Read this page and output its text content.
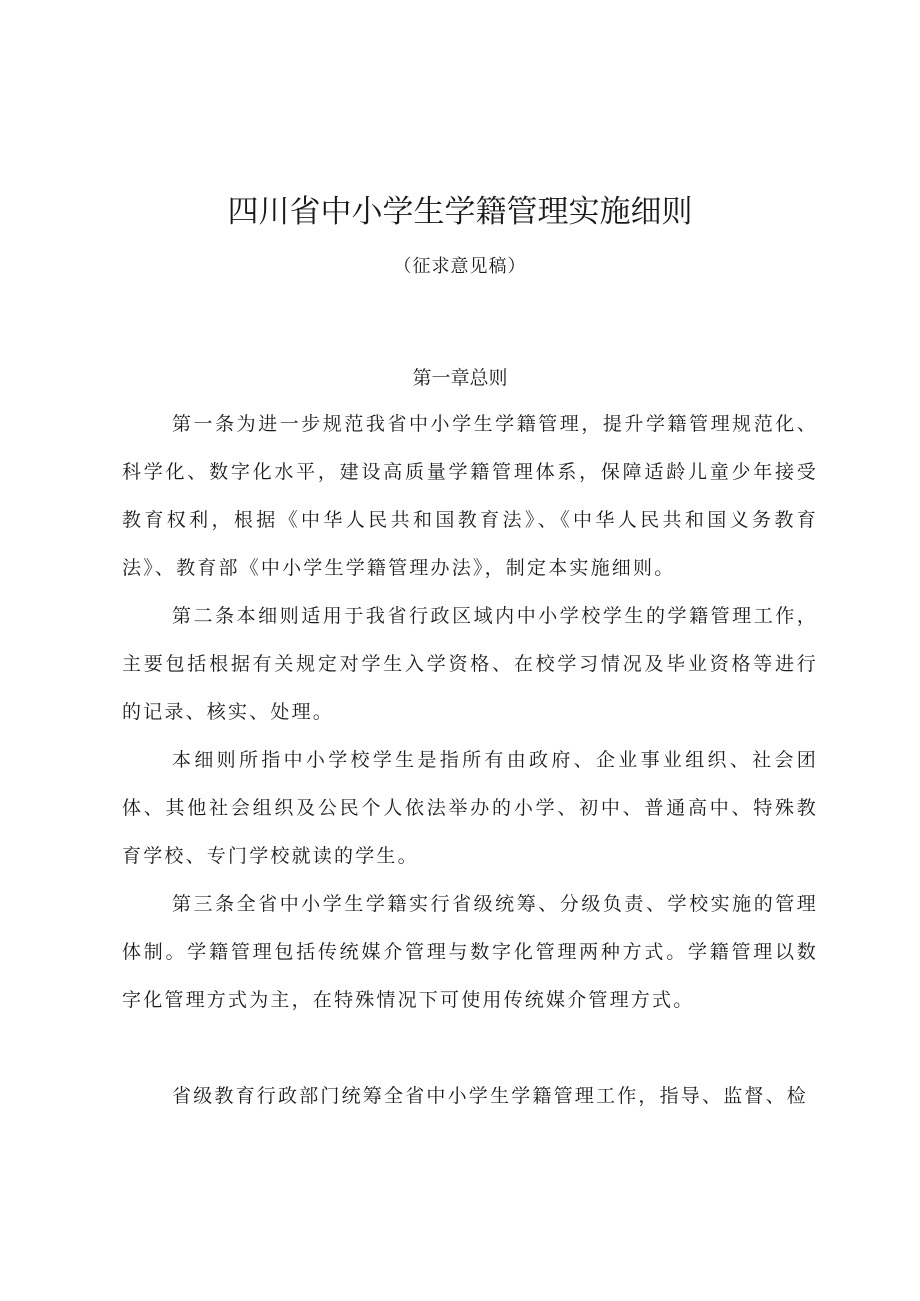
四川省中小学生学籍管理实施细则
（征求意见稿）
第一章总则

第一条为进一步规范我省中小学生学籍管理，提升学籍管理规范化、科学化、数字化水平，建设高质量学籍管理体系，保障适龄儿童少年接受教育权利，根据《中华人民共和国教育法》、《中华人民共和国义务教育法》、教育部《中小学生学籍管理办法》，制定本实施细则。

第二条本细则适用于我省行政区域内中小学校学生的学籍管理工作，主要包括根据有关规定对学生入学资格、在校学习情况及毕业资格等进行的记录、核实、处理。

本细则所指中小学校学生是指所有由政府、企业事业组织、社会团体、其他社会组织及公民个人依法举办的小学、初中、普通高中、特殊教育学校、专门学校就读的学生。

第三条全省中小学生学籍实行省级统筹、分级负责、学校实施的管理体制。学籍管理包括传统媒介管理与数字化管理两种方式。学籍管理以数字化管理方式为主，在特殊情况下可使用传统媒介管理方式。

省级教育行政部门统筹全省中小学生学籍管理工作，指导、监督、检
